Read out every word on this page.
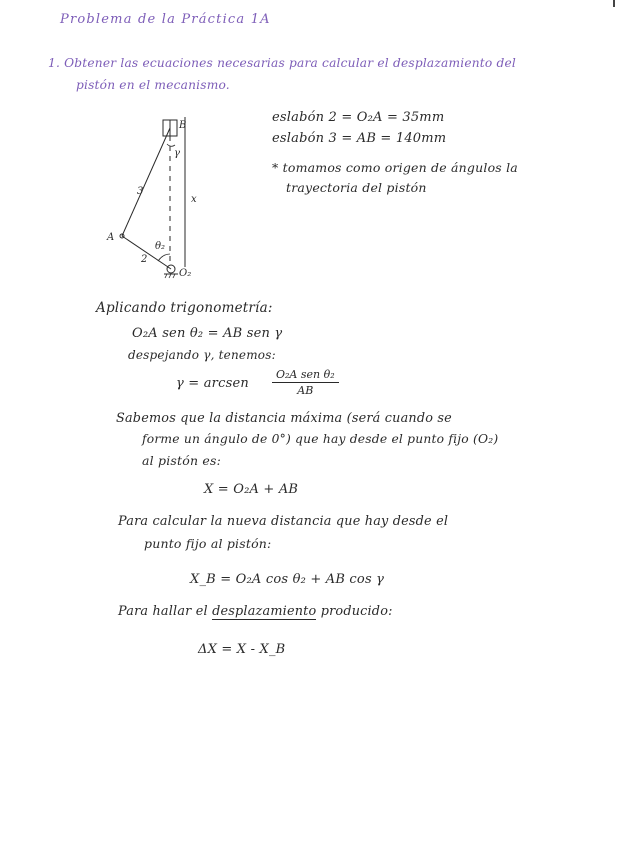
Problema de la Práctica 1A
1. Obtener las ecuaciones necesarias para calcular el desplazamiento del
pistón en el mecanismo.
eslabón 2 = O₂A = 35mm
eslabón 3 = AB = 140mm
* tomamos como origen de ángulos la
trayectoria del pistón
B
A
3
2
x
γ
θ₂
O₂
Aplicando trigonometría:
O₂A sen θ₂ = AB sen γ
despejando γ, tenemos:
γ = arcsen
O₂A sen θ₂
AB
Sabemos que la distancia máxima (será cuando se
forme un ángulo de 0°) que hay desde el punto fijo (O₂)
al pistón es:
X = O₂A + AB
Para calcular la nueva distancia que hay desde el
punto fijo al pistón:
X_B = O₂A cos θ₂ + AB cos γ
Para hallar el desplazamiento producido:
ΔX = X - X_B
